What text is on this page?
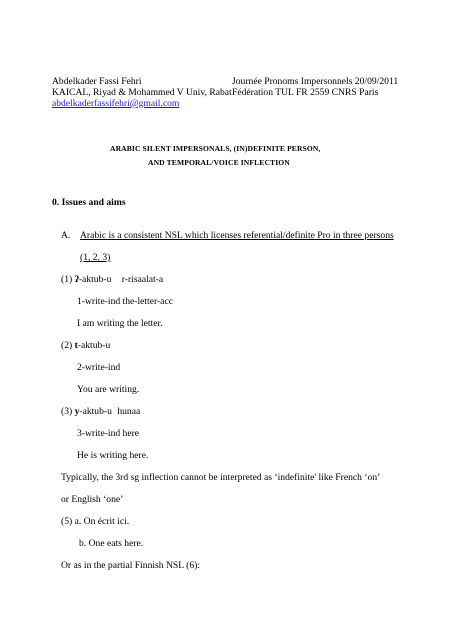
Abdelkader Fassi Fehri
KAICAL, Riyad & Mohammed V Univ, Rabat
abdelkaderfassifehri@gmail.com
Journée Pronoms Impersonnels 20/09/2011
Fédération TUL FR 2559 CNRS Paris
ARABIC SILENT IMPERSONALS, (IN)DEFINITE PERSON,
AND TEMPORAL/VOICE INFLECTION
0. Issues and aims
A. Arabic is a consistent NSL which licenses referential/definite Pro in three persons
(1, 2, 3)
(1) ʔ-aktub-u r-risaalat-a
1-write-ind the-letter-acc
I am writing the letter.
(2) t-aktub-u
2-write-ind
You are writing.
(3) y-aktub-u hunaa
3-write-ind here
He is writing here.
Typically, the 3rd sg inflection cannot be interpreted as ‘indefinite' like French ‘on’
or English ‘one’
(5) a. On écrit ici.
b. One eats here.
Or as in the partial Finnish NSL (6):
